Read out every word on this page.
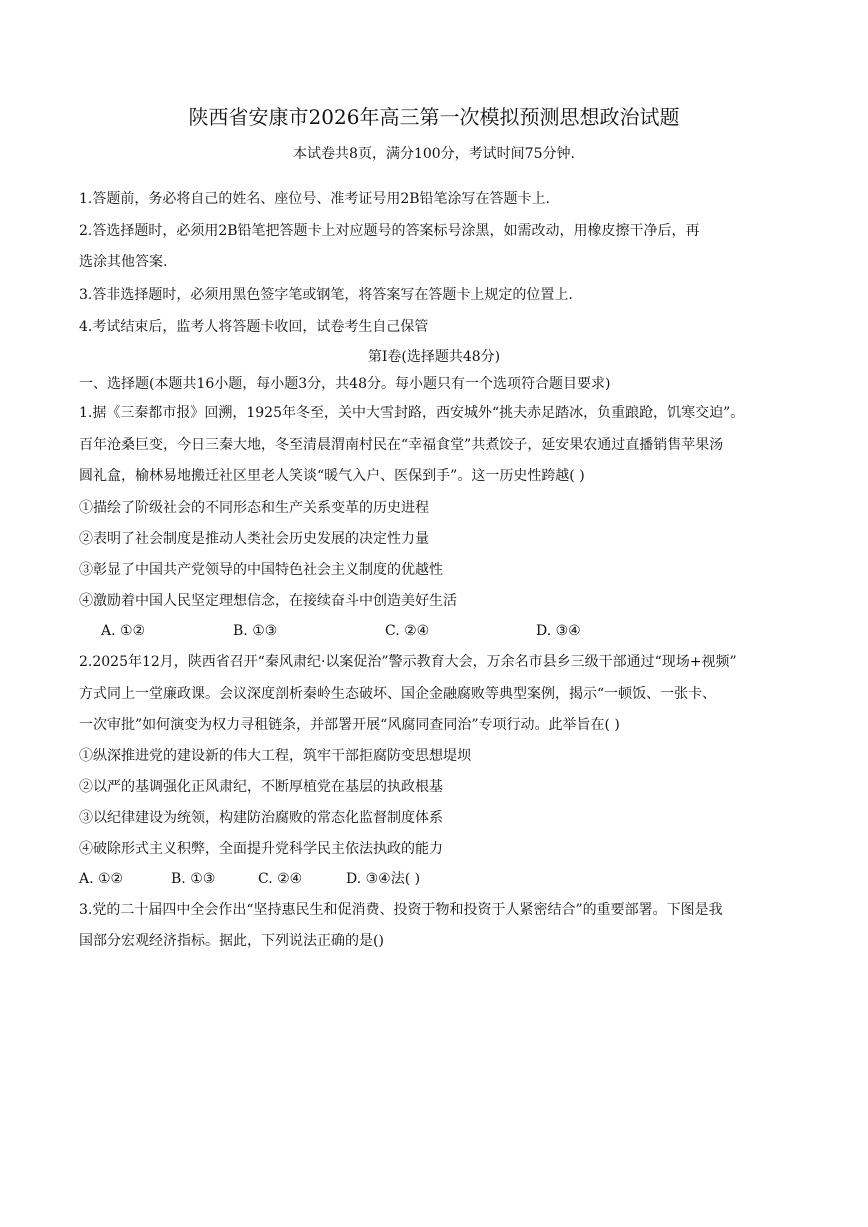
陕西省安康市2026年高三第一次模拟预测思想政治试题
本试卷共8页，满分100分，考试时间75分钟.
1.答题前，务必将自己的姓名、座位号、准考证号用2B铅笔涂写在答题卡上.
2.答选择题时，必须用2B铅笔把答题卡上对应题号的答案标号涂黑，如需改动，用橡皮擦干净后，再
选涂其他答案.
3.答非选择题时，必须用黑色签字笔或钢笔，将答案写在答题卡上规定的位置上.
4.考试结束后，监考人将答题卡收回，试卷考生自己保管
第Ⅰ卷(选择题共48分)
一、选择题(本题共16小题，每小题3分，共48分。每小题只有一个选项符合题目要求)
1.据《三秦都市报》回溯，1925年冬至，关中大雪封路，西安城外“挑夫赤足踏冰，负重踉跄，饥寒交迫”。
百年沧桑巨变，今日三秦大地，冬至清晨渭南村民在“幸福食堂”共煮饺子，延安果农通过直播销售苹果汤
圆礼盒，榆林易地搬迁社区里老人笑谈“暖气入户、医保到手”。这一历史性跨越( )
①描绘了阶级社会的不同形态和生产关系变革的历史进程
②表明了社会制度是推动人类社会历史发展的决定性力量
③彰显了中国共产党领导的中国特色社会主义制度的优越性
④激励着中国人民坚定理想信念，在接续奋斗中创造美好生活
A. ①②	B. ①③	C. ②④	D. ③④
2.2025年12月，陕西省召开“秦风肃纪·以案促治”警示教育大会，万余名市县乡三级干部通过“现场+视频”
方式同上一堂廉政课。会议深度剖析秦岭生态破坏、国企金融腐败等典型案例，揭示“一顿饭、一张卡、
一次审批”如何演变为权力寻租链条，并部署开展“风腐同查同治”专项行动。此举旨在( )
①纵深推进党的建设新的伟大工程，筑牢干部拒腐防变思想堤坝
②以严的基调强化正风肃纪，不断厚植党在基层的执政根基
③以纪律建设为统领，构建防治腐败的常态化监督制度体系
④破除形式主义积弊，全面提升党科学民主依法执政的能力
A. ①②	B. ①③	C. ②④	D. ③④法( )
3.党的二十届四中全会作出“坚持惠民生和促消费、投资于物和投资于人紧密结合”的重要部署。下图是我
国部分宏观经济指标。据此，下列说法正确的是()
